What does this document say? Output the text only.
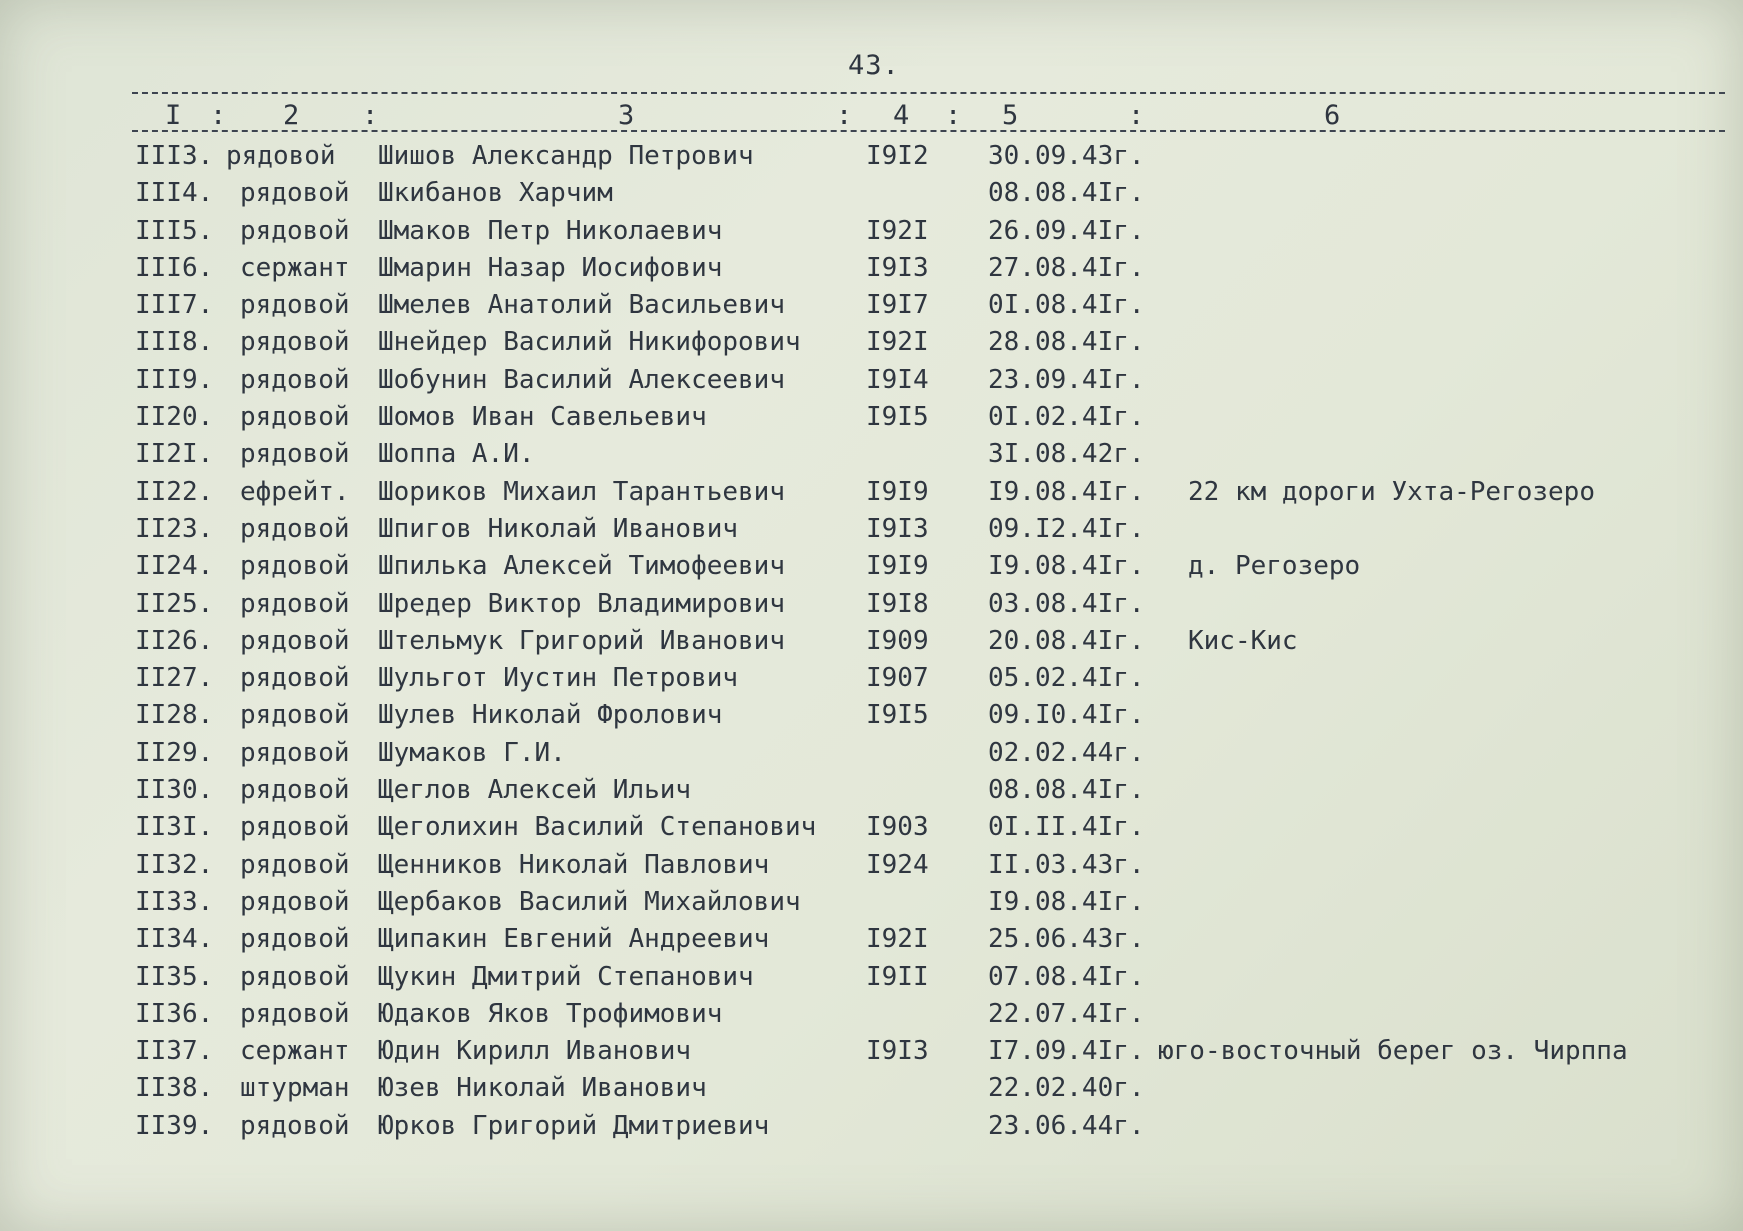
43.
I : 2 :	3	: 4 : 5	:	6
III3. рядовой Шишов Александр Петрович	I9I2 30.09.43г.
III4. рядовой Шкибанов Харчим	08.08.4Iг.
III5. рядовой Шмаков Петр Николаевич	I92I 26.09.4Iг.
III6. сержант Шмарин Назар Иосифович	I9I3 27.08.4Iг.
III7. рядовой Шмелев Анатолий Васильевич	I9I7 0I.08.4Iг.
III8. рядовой Шнейдер Василий Никифорович	I92I 28.08.4Iг.
III9. рядовой Шобунин Василий Алексеевич	I9I4 23.09.4Iг.
II20. рядовой Шомов Иван Савельевич	I9I5 0I.02.4Iг.
II2I. рядовой Шоппа А.И.	3I.08.42г.
II22. ефрейт. Шориков Михаил Тарантьевич	I9I9 I9.08.4Iг. 22 км дороги Ухта-Регозеро
II23. рядовой Шпигов Николай Иванович	I9I3 09.I2.4Iг.
II24. рядовой Шпилька Алексей Тимофеевич	I9I9 I9.08.4Iг. д. Регозеро
II25. рядовой Шредер Виктор Владимирович	I9I8 03.08.4Iг.
II26. рядовой Штельмук Григорий Иванович	I909 20.08.4Iг. Кис-Кис
II27. рядовой Шульгот Иустин Петрович	I907 05.02.4Iг.
II28. рядовой Шулев Николай Фролович	I9I5 09.I0.4Iг.
II29. рядовой Шумаков Г.И.	02.02.44г.
II30. рядовой Щеглов Алексей Ильич	08.08.4Iг.
II3I. рядовой Щеголихин Василий Степанович I903 0I.II.4Iг.
II32. рядовой Щенников Николай Павлович	I924 II.03.43г.
II33. рядовой Щербаков Василий Михайлович	I9.08.4Iг.
II34. рядовой Щипакин Евгений Андреевич	I92I 25.06.43г.
II35. рядовой Щукин Дмитрий Степанович	I9II 07.08.4Iг.
II36. рядовой Юдаков Яков Трофимович	22.07.4Iг.
II37. сержант Юдин Кирилл Иванович	I9I3 I7.09.4Iг. юго-восточный берег оз. Чирппа
II38. штурман Юзев Николай Иванович	22.02.40г.
II39. рядовой Юрков Григорий Дмитриевич	23.06.44г.
